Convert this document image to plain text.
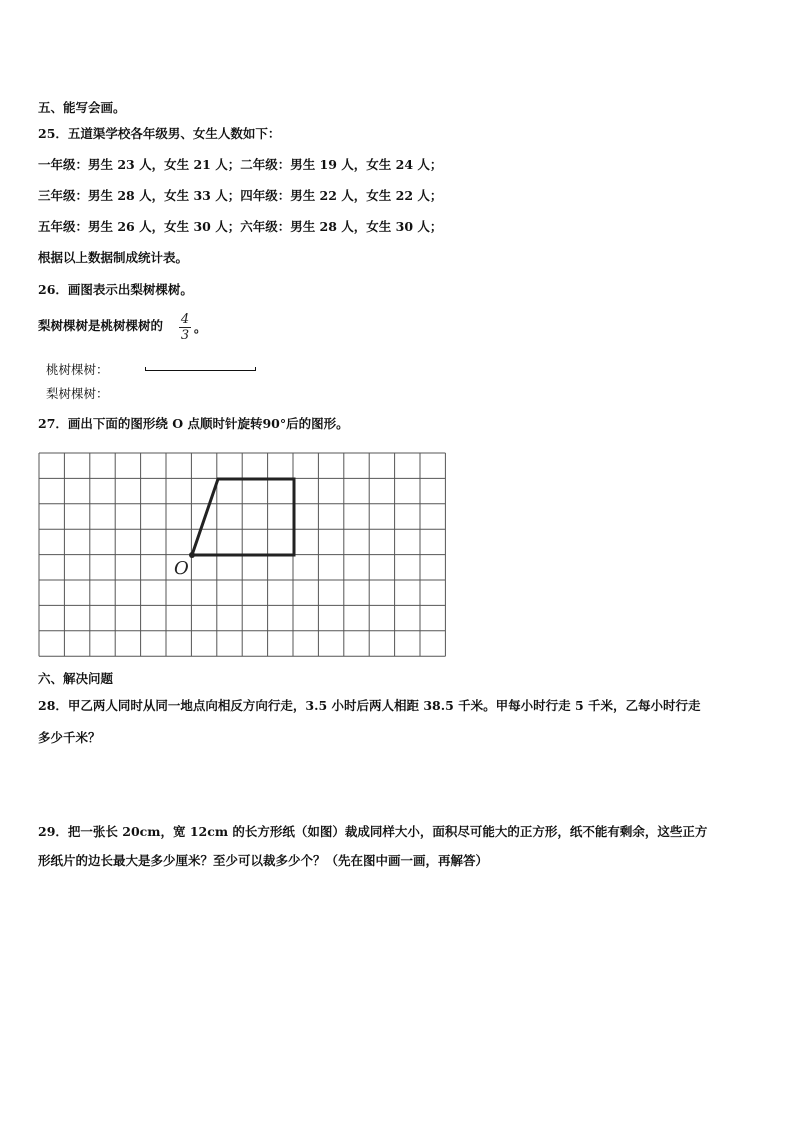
五、能写会画。
25．五道渠学校各年级男、女生人数如下：
一年级：男生 23 人，女生 21 人；二年级：男生 19 人，女生 24 人；
三年级：男生 28 人，女生 33 人；四年级：男生 22 人，女生 22 人；
五年级：男生 26 人，女生 30 人；六年级：男生 28 人，女生 30 人；
根据以上数据制成统计表。
26．画图表示出梨树棵树。
梨树棵树是桃树棵树的 4
3
。
桃树棵树：
梨树棵树：
27．画出下面的图形绕 O 点顺时针旋转90°后的图形。
O
六、解决问题
28．甲乙两人同时从同一地点向相反方向行走，3.5 小时后两人相距 38.5 千米。甲每小时行走 5 千米，乙每小时行走
多少千米？
29．把一张长 20cm，宽 12cm 的长方形纸（如图）裁成同样大小，面积尽可能大的正方形，纸不能有剩余，这些正方
形纸片的边长最大是多少厘米？至少可以裁多少个？（先在图中画一画，再解答）
